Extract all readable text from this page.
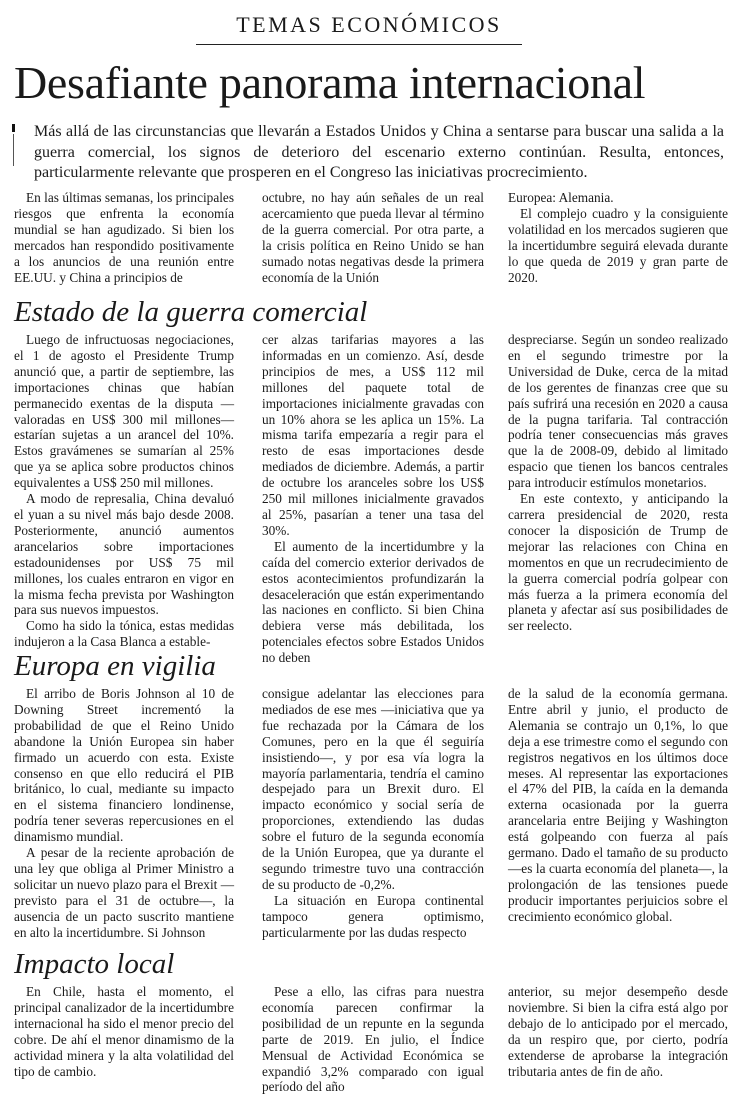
TEMAS ECONÓMICOS
Desafiante panorama internacional
Más allá de las circunstancias que llevarán a Estados Unidos y China a sentarse para buscar una salida a la guerra comercial, los signos de deterioro del escenario externo continúan. Resulta, entonces, particularmente relevante que prosperen en el Congreso las iniciativas procrecimiento.

En las últimas semanas, los principales riesgos que enfrenta la economía mundial se han agudizado. Si bien los mercados han respondido positivamente a los anuncios de una reunión entre EE.UU. y China a principios de

octubre, no hay aún señales de un real acercamiento que pueda llevar al término de la guerra comercial. Por otra parte, a la crisis política en Reino Unido se han sumado notas negativas desde la primera economía de la Unión

Europea: Alemania.

El complejo cuadro y la consiguiente volatilidad en los mercados sugieren que la incertidumbre seguirá elevada durante lo que queda de 2019 y gran parte de 2020.

Estado de la guerra comercial

Luego de infructuosas negociaciones, el 1 de agosto el Presidente Trump anunció que, a partir de septiembre, las importaciones chinas que habían permanecido exentas de la disputa —valoradas en US$ 300 mil millones— estarían sujetas a un arancel del 10%. Estos gravámenes se sumarían al 25% que ya se aplica sobre productos chinos equivalentes a US$ 250 mil millones.

A modo de represalia, China devaluó el yuan a su nivel más bajo desde 2008. Posteriormente, anunció aumentos arancelarios sobre importaciones estadounidenses por US$ 75 mil millones, los cuales entraron en vigor en la misma fecha prevista por Washington para sus nuevos impuestos.

Como ha sido la tónica, estas medidas indujeron a la Casa Blanca a estable-

cer alzas tarifarias mayores a las informadas en un comienzo. Así, desde principios de mes, a US$ 112 mil millones del paquete total de importaciones inicialmente gravadas con un 10% ahora se les aplica un 15%. La misma tarifa empezaría a regir para el resto de esas importaciones desde mediados de diciembre. Además, a partir de octubre los aranceles sobre los US$ 250 mil millones inicialmente gravados al 25%, pasarían a tener una tasa del 30%.

El aumento de la incertidumbre y la caída del comercio exterior derivados de estos acontecimientos profundizarán la desaceleración que están experimentando las naciones en conflicto. Si bien China debiera verse más debilitada, los potenciales efectos sobre Estados Unidos no deben

despreciarse. Según un sondeo realizado en el segundo trimestre por la Universidad de Duke, cerca de la mitad de los gerentes de finanzas cree que su país sufrirá una recesión en 2020 a causa de la pugna tarifaria. Tal contracción podría tener consecuencias más graves que la de 2008-09, debido al limitado espacio que tienen los bancos centrales para introducir estímulos monetarios.

En este contexto, y anticipando la carrera presidencial de 2020, resta conocer la disposición de Trump de mejorar las relaciones con China en momentos en que un recrudecimiento de la guerra comercial podría golpear con más fuerza a la primera economía del planeta y afectar así sus posibilidades de ser reelecto.

Europa en vigilia

El arribo de Boris Johnson al 10 de Downing Street incrementó la probabilidad de que el Reino Unido abandone la Unión Europea sin haber firmado un acuerdo con esta. Existe consenso en que ello reducirá el PIB británico, lo cual, mediante su impacto en el sistema financiero londinense, podría tener severas repercusiones en el dinamismo mundial.

A pesar de la reciente aprobación de una ley que obliga al Primer Ministro a solicitar un nuevo plazo para el Brexit —previsto para el 31 de octubre—, la ausencia de un pacto suscrito mantiene en alto la incertidumbre. Si Johnson

consigue adelantar las elecciones para mediados de ese mes —iniciativa que ya fue rechazada por la Cámara de los Comunes, pero en la que él seguiría insistiendo—, y por esa vía logra la mayoría parlamentaria, tendría el camino despejado para un Brexit duro. El impacto económico y social sería de proporciones, extendiendo las dudas sobre el futuro de la segunda economía de la Unión Europea, que ya durante el segundo trimestre tuvo una contracción de su producto de -0,2%.

La situación en Europa continental tampoco genera optimismo, particularmente por las dudas respecto

de la salud de la economía germana. Entre abril y junio, el producto de Alemania se contrajo un 0,1%, lo que deja a ese trimestre como el segundo con registros negativos en los últimos doce meses. Al representar las exportaciones el 47% del PIB, la caída en la demanda externa ocasionada por la guerra arancelaria entre Beijing y Washington está golpeando con fuerza al país germano. Dado el tamaño de su producto —es la cuarta economía del planeta—, la prolongación de las tensiones puede producir importantes perjuicios sobre el crecimiento económico global.

Impacto local

En Chile, hasta el momento, el principal canalizador de la incertidumbre internacional ha sido el menor precio del cobre. De ahí el menor dinamismo de la actividad minera y la alta volatilidad del tipo de cambio.

Pese a ello, las cifras para nuestra economía parecen confirmar la posibilidad de un repunte en la segunda parte de 2019. En julio, el Índice Mensual de Actividad Económica se expandió 3,2% comparado con igual período del año

anterior, su mejor desempeño desde noviembre. Si bien la cifra está algo por debajo de lo anticipado por el mercado, da un respiro que, por cierto, podría extenderse de aprobarse la integración tributaria antes de fin de año.
